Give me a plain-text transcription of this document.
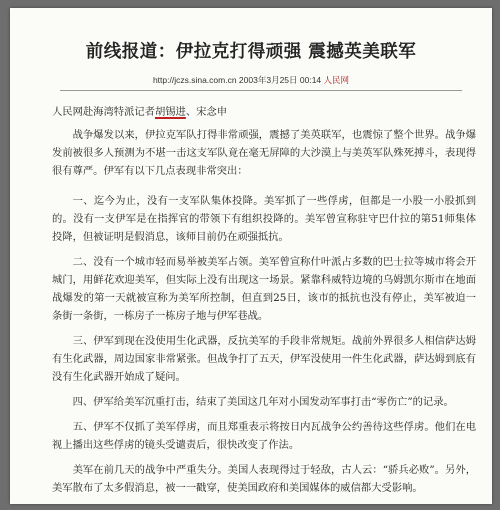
前线报道：伊拉克打得顽强 震撼英美联军
http://jczs.sina.com.cn 2003年3月25日 00:14 人民网
人民网赴海湾特派记者胡锡进、宋念申

战争爆发以来，伊拉克军队打得非常顽强，震撼了美英联军，也震惊了整个世界。战争爆发前被很多人预测为不堪一击这支军队竟在毫无屏障的大沙漠上与美英军队殊死搏斗，表现得很有尊严。伊军有以下几点表现非常突出：

一、迄今为止，没有一支军队集体投降。美军抓了一些俘虏，但都是一小股一小股抓到的。没有一支伊军是在指挥官的带领下有组织投降的。美军曾宣称驻守巴什拉的第51师集体投降，但被证明是假消息，该师目前仍在顽强抵抗。

二、没有一个城市轻而易举被美军占领。美军曾宣称什叶派占多数的巴士拉等城市将会开城门，用鲜花欢迎美军，但实际上没有出现这一场景。紧靠科威特边境的乌姆凯尔斯市在地面战爆发的第一天就被宣称为美军所控制，但直到25日，该市的抵抗也没有停止，美军被迫一条街一条街，一栋房子一栋房子地与伊军巷战。

三、伊军到现在没使用生化武器，反抗美军的手段非常规矩。战前外界很多人相信萨达姆有生化武器，周边国家非常紧张。但战争打了五天，伊军没使用一件生化武器，萨达姆到底有没有生化武器开始成了疑问。

四、伊军给美军沉重打击，结束了美国这几年对小国发动军事打击“零伤亡”的记录。

五、伊军不仅抓了美军俘虏，而且郑重表示将按日内瓦战争公约善待这些俘虏。他们在电视上播出这些俘虏的镜头受谴责后，很快改变了作法。

美军在前几天的战争中严重失分。美国人表现得过于轻敌，古人云：“骄兵必败”。另外，美军散布了太多假消息，被一一戳穿，使美国政府和美国媒体的威信都大受影响。
